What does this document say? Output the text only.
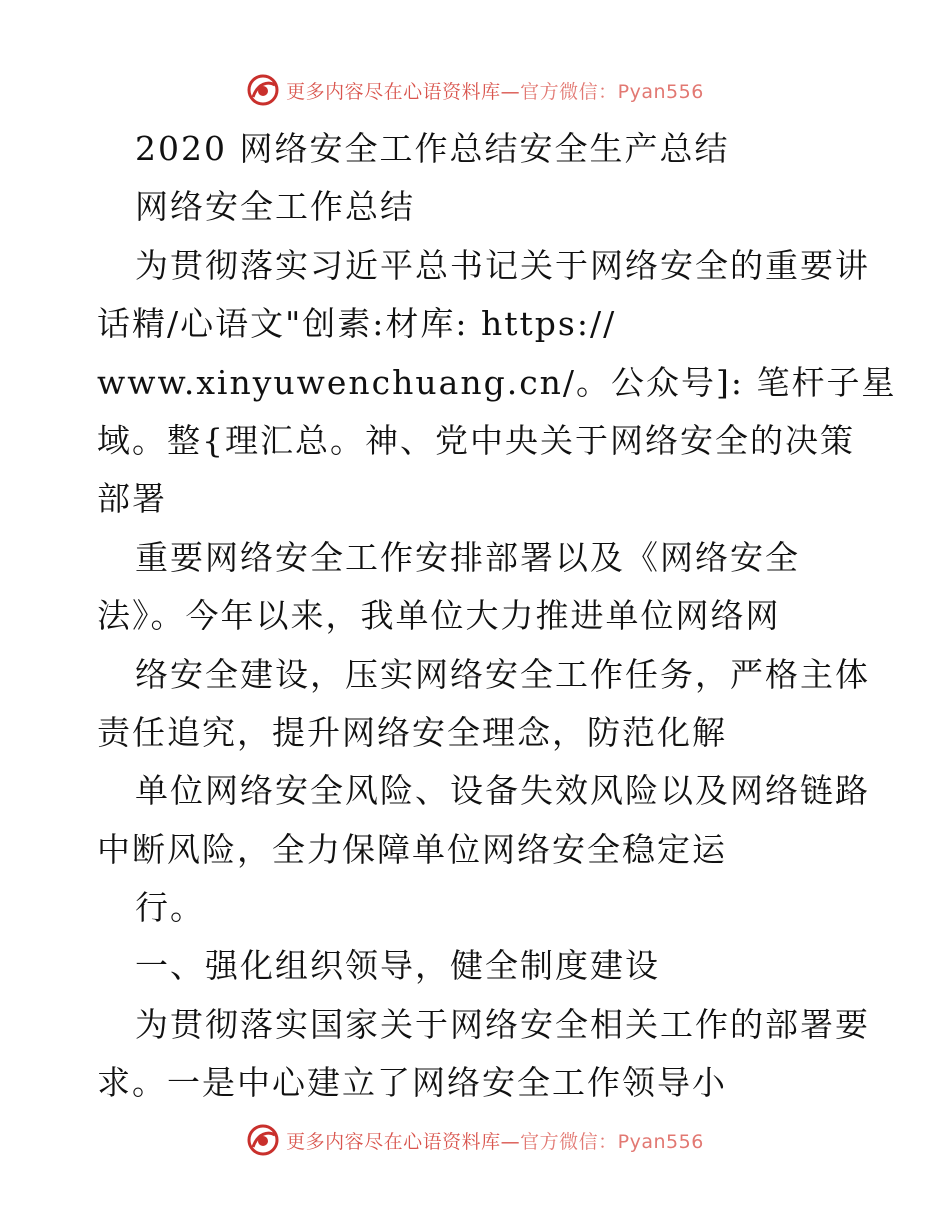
更多内容尽在心语资料库—官方微信：Pyan556
2020 网络安全工作总结安全生产总结
网络安全工作总结
为贯彻落实习近平总书记关于网络安全的重要讲
话精/心语文"创素:材库: https://
www.xinyuwenchuang.cn/。公众号]: 笔杆子星
域。整{理汇总。神、党中央关于网络安全的决策
部署
重要网络安全工作安排部署以及《网络安全
法》。今年以来，我单位大力推进单位网络网
络安全建设，压实网络安全工作任务，严格主体
责任追究，提升网络安全理念，防范化解
单位网络安全风险、设备失效风险以及网络链路
中断风险，全力保障单位网络安全稳定运
行。
一、强化组织领导，健全制度建设
为贯彻落实国家关于网络安全相关工作的部署要
求。一是中心建立了网络安全工作领导小
更多内容尽在心语资料库—官方微信：Pyan556
